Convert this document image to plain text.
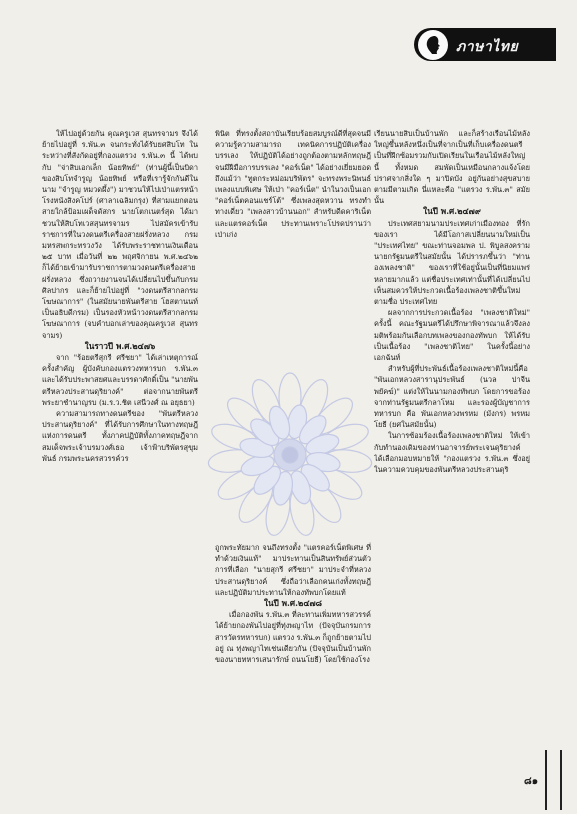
ภาษาไทย

ให้ไปอยู่ด้วยกัน คุณครูเวส สุนทรจามร จึงได้ย้ายไปอยู่ที่ ร.พัน.๓ จนกระทั่งได้รับยศสิบโท ในระหว่างที่สังกัดอยู่ที่กองแตรวง ร.พัน.๓ นี้ ได้พบกับ "จ่าสิบเอกเล็ก น้อยทิพย์" (ท่านผู้นี้เป็นบิดาของสิบโทจำรูญ น้อยทิพย์ หรือที่เรารู้จักกันดีในนาม "จำรูญ หมวดผึ้ง") มาชวนให้ไปเป่าแตรหน้าโรงหนังสิงคโปร์ (ศาลาเฉลิมกรุง) ที่สามแยกตอนสายใกล้ป้อมเผด็จดัสกร นายโตกเนตร์สุด ได้มาชวนให้สิบโทเวสสุนทรจามร ไปสมัครเข้ารับราชการที่ในวงดนตรีเครื่องสายฝรั่งหลวง กรมมหรสพกระทรวงวัง ได้รับพระราชทานเงินเดือน ๒๕ บาท เมื่อวันที่ ๒๒ พฤศจิกายน พ.ศ.๒๔๖๒ ก็ได้ย้ายเข้ามารับราชการตามวงดนตรีเครื่องสายฝรั่งหลวง ซึ่งถวายงานจนได้เปลี่ยนไปขึ้นกับกรมศิลปากร และก็ย้ายไปอยู่ที่ "วงดนตรีสากลกรมโฆษณาการ" (ในสมัยนายพันตรีสาย โฮสตานนท์ เป็นอธิบดีกรม) เป็นรองหัวหน้าวงดนตรีสากลกรมโฆษณาการ (จบคำบอกเล่าของคุณครูเวส สุนทรจามร)

ในราวปี พ.ศ.๒๔๗๖

จาก "ร้อยตรีสุกรี ศรีชยา" ได้เล่าเหตุการณ์ครั้งสำคัญ ผู้บังคับกองแตรวงทหารบก ร.พัน.๓ และได้รับประพาสยศและบรรดาศักดิ์เป็น "นายพันตรีหลวงประสานดุริยางค์" ต่อจากนายพันตรีพระยาชำนาญรบ (ม.ร.ว.ชิต เสนีวงศ์ ณ อยุธยา)

ความสามารถทางดนตรีของ "พันตรีหลวงประสานดุริยางค์" ที่ได้รับการศึกษาในทางทฤษฎีแห่งการดนตรี ทั้งภาคปฏิบัติทั้งภาคทฤษฎีจากสมเด็จพระเจ้าบรมวงศ์เธอ เจ้าฟ้าบริพัตรสุขุมพันธ์ กรมพระนครสวรรค์วร

พินิต ที่ทรงตั้งสถาบันเรียบร้อยสมบูรณ์ดีที่สุดจนมีความรู้ความสามารถ เทคนิคการปฏิบัติเครื่องบรรเลง ให้ปฏิบัติได้อย่างถูกต้องตามหลักทฤษฎี จนมีฝีมือการบรรเลง "คอร์เน็ต" ได้อย่างเยี่ยมยอดถึงแม้ว่า "ทูตกระหม่อมบริพัตร" จะทรงพระนิพนธ์เพลงแบบพิเศษ ให้เป่า "คอร์เน็ต" นำในวงเป็นเอก "คอร์เน็ตคอนแชร์โต้" ซึ่งเพลงสุดหวาน ทรงทำทางเดี่ยว "เพลงสาวบ้านนอก" สำหรับดีดคาริเน็ต และแตรคอร์เน็ต ประทานเพราะโปรดปรานว่าเป่าเก่ง

ถูกพระทัยมาก จนถึงทรงตั้ง "แตรคอร์เน็ตพิเศษ ที่ทำด้วยเงินแท้" มาประทานเป็นสินทรัพย์ส่วนตัว การที่เลือก "นายสุกรี ศรีชยา" มาประจำที่หลวงประสานดุริยางค์ ซึ่งถือว่าเลือกคนเก่งทั้งทฤษฎีและปฏิบัติมาประทานให้กองทัพบกโดยแท้

ในปี พ.ศ.๒๔๗๘

เมื่อกองพัน ร.พัน.๓ ที่ละทานเพิ่มทหารสวรรค์ ได้ย้ายกองพันไปอยู่ที่ทุ่งพญาไท (ปัจจุบันกรมการสารวัตรทหารบก) แตรวง ร.พัน.๓ ก็ถูกย้ายตามไปอยู่ ณ ทุ่งพญาไทเช่นเดียวกัน (ปัจจุบันเป็นบ้านพักของนายทหารเสนารักษ์ ถนนโยธี) โดยใช้กองโรง

เรียนนายสิบเป็นบ้านพัก และก็สร้างเรือนไม้หลังใหญ่ขึ้นหลังหนึ่งเป็นที่จากเป็นที่เก็บเครื่องดนตรี เป็นที่ฝึกซ้อมรวมกับเปิดเรียนในเรือนไม้หลังใหญ่นี้ ทั้งหมด สมพัดเป็นเหมือนกลางแจ้งโดยปราศจากสิ่งใด ๆ มาปิดบัง อยู่กันอย่างสุขสบายตามมีตามเกิด นี่แหละคือ "แตรวง ร.พัน.๓" สมัยนั้น

ในปี พ.ศ.๒๔๗๙

ประเทศสยามนามประเทศเก่าเมืองทอง ที่รักของเรา ได้มีโอกาสเปลี่ยนนามใหม่เป็น "ประเทศไทย" ขณะท่านจอมพล ป. พิบูลสงคราม นายกรัฐมนตรีในสมัยนั้น ได้ปรารภขึ้นว่า "ท่านองเพลงชาติ" ของเราที่ใช้อยู่นั้นเป็นที่นิยมแพร่หลายมากแล้ว แต่ชื่อประเทศเท่านั้นที่ได้เปลี่ยนไป เห็นสมควรให้ประกวดเนื้อร้องเพลงชาติขึ้นใหม่ตามชื่อ ประเทศไทย

ผลจากการประกวดเนื้อร้อง "เพลงชาติใหม่" ครั้งนี้ คณะรัฐมนตรีได้ปรึกษาพิจารณาแล้วจึงลงมติพร้อมกันเลือกบทเพลงของกองทัพบก ให้ได้รับเป็นเนื้อร้อง "เพลงชาติไทย" ในครั้งนี้อย่างเอกฉันท์

สำหรับผู้ที่ประพันธ์เนื้อร้องเพลงชาติใหม่นี้คือ "พันเอกหลวงสารานุประพันธ์ (นวล ปาจีนพยัคฆ์)" แต่งให้ในนามกองทัพบก โดยการขอร้องจากท่านรัฐมนตรีกลาโหม และรองผู้บัญชาการทหารบก คือ พันเอกหลวงพรหม (มังกร) พรหมโยธี (ยศในสมัยนั้น)

ในการซ้อมร้องเนื้อร้องเพลงชาติใหม่ ให้เข้ากับทำนองเดิมของท่านอาจารย์พระเจนดุริยางค์ ได้เลือกมอบหมายให้ "กองแตรวง ร.พัน.๓ ซึ่งอยู่ในความควบคุมของพันตรีหลวงประสานดุริ

๘๑
